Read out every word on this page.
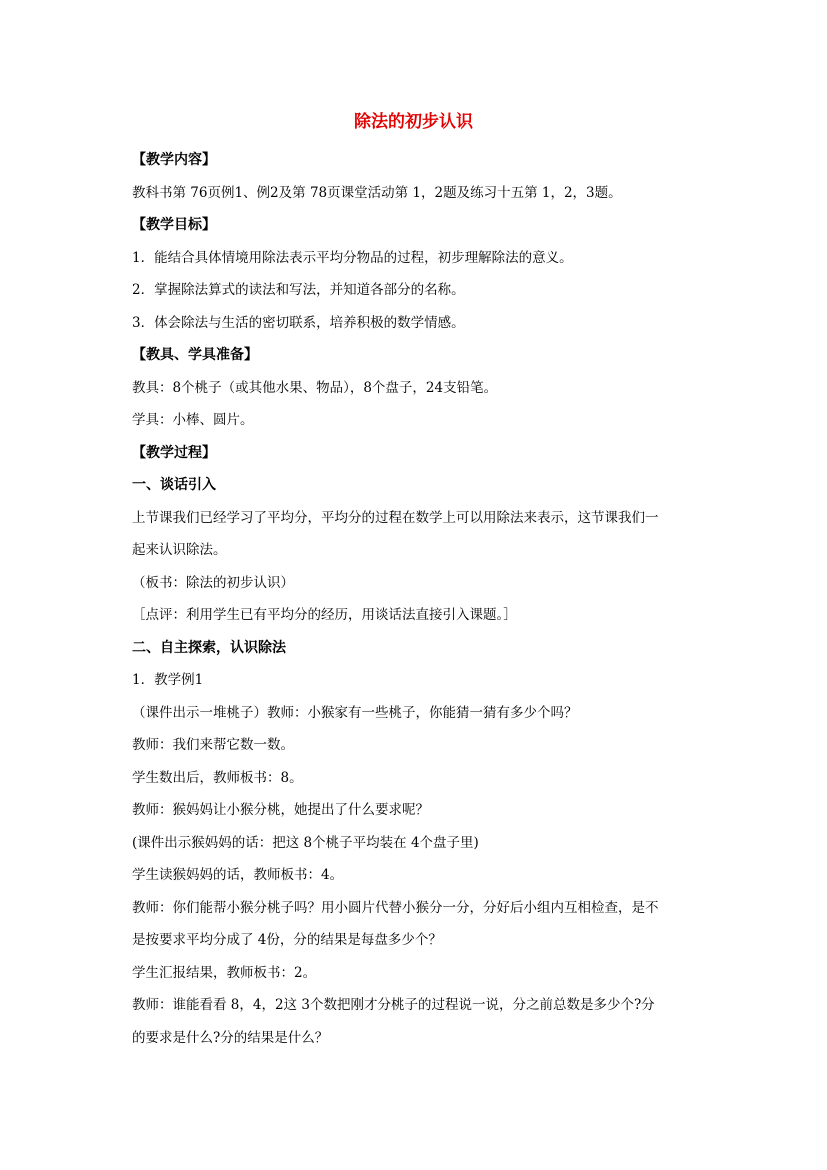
除法的初步认识

【教学内容】

教科书第 76页例1、例2及第 78页课堂活动第 1，2题及练习十五第 1，2，3题。

【教学目标】

1．能结合具体情境用除法表示平均分物品的过程，初步理解除法的意义。

2．掌握除法算式的读法和写法，并知道各部分的名称。

3．体会除法与生活的密切联系，培养积极的数学情感。

【教具、学具准备】

教具：8个桃子（或其他水果、物品），8个盘子，24支铅笔。

学具：小棒、圆片。

【教学过程】

一、谈话引入

上节课我们已经学习了平均分，平均分的过程在数学上可以用除法来表示，这节课我们一

起来认识除法。

（板书：除法的初步认识）

［点评：利用学生已有平均分的经历，用谈话法直接引入课题。］

二、自主探索，认识除法

1．教学例1

（课件出示一堆桃子）教师：小猴家有一些桃子，你能猜一猜有多少个吗？

教师：我们来帮它数一数。

学生数出后，教师板书：8。

教师：猴妈妈让小猴分桃，她提出了什么要求呢？

(课件出示猴妈妈的话：把这 8个桃子平均装在 4个盘子里)

学生读猴妈妈的话，教师板书：4。

教师：你们能帮小猴分桃子吗？用小圆片代替小猴分一分，分好后小组内互相检查，是不

是按要求平均分成了 4份，分的结果是每盘多少个？

学生汇报结果，教师板书：2。

教师：谁能看看 8，4，2这 3个数把刚才分桃子的过程说一说，分之前总数是多少个?分

的要求是什么?分的结果是什么？
